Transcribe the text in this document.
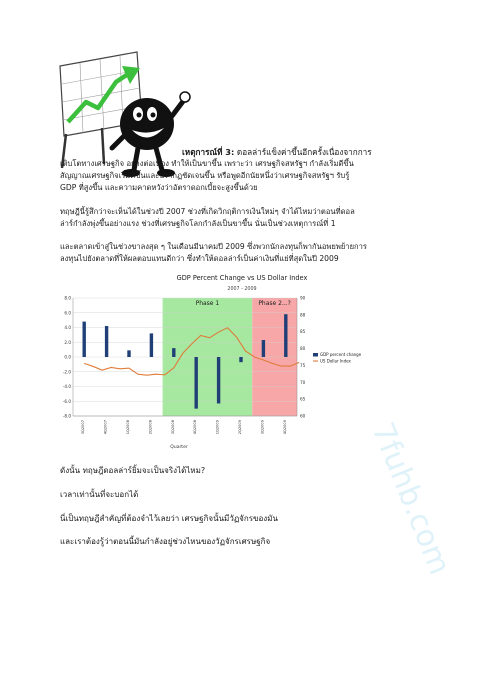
เหตุการณ์ที่ 3: ดอลล่าร์แข็งค่าขึ้นอีกครั้งเนื่องจากการ
เติบโตทางเศรษฐกิจ อย่างต่อเนื่อง ทำให้เป็นขาขึ้น เพราะว่า เศรษฐกิจสหรัฐฯ กำลังเริ่มดีขึ้น
สัญญาณเศรษฐกิจเริ่มดีขึ้นและปรากฏชัดเจนขึ้น หรือพูดอีกนัยหนึ่งว่าเศรษฐกิจสหรัฐฯ รับรู้
GDP ที่สูงขึ้น และความคาดหวังว่าอัตราดอกเบี้ยจะสูงขึ้นด้วย
ทฤษฎีนี้รู้สึกว่าจะเห็นได้ในช่วงปี 2007 ช่วงที่เกิดวิกฤติการเงินใหม่ๆ จำได้ไหมว่าตอนที่ดอล
ล่าร์กำลังพุ่งขึ้นอย่างแรง ช่วงที่เศรษฐกิจโลกกำลังเป็นขาขึ้น นั่นเป็นช่วงเหตุการณ์ที่ 1
และตลาดเข้าสู่ในช่วงขาลงสุด ๆ ในเดือนมีนาคมปี 2009 ซึ่งพวกนักลงทุนก็พากันอพยพย้ายการ
ลงทุนไปยังตลาดที่ให้ผลตอบแทนดีกว่า ซึ่งทำให้ดอลล่าร์เป็นค่าเงินที่แย่ที่สุดในปี 2009
GDP Percent Change vs US Dollar Index
2007 - 2009
Quarter
Phase 1	Phase 2...?
8.0
6.0
4.0
2.0
0.0
-2.0
-4.0
-6.0
-8.0
90
88
85
80
75
70
65
60
3Q2007	4Q2007	1Q2008	2Q2008	3Q2008	4Q2008	1Q2009	2Q2009	3Q2009	4Q2009
GDP percent change
US Dollar Index
7fuhb.com
ดังนั้น ทฤษฎีดอลล่าร์ยิ้มจะเป็นจริงได้ไหม?
เวลาเท่านั้นที่จะบอกได้
นี่เป็นทฤษฎีสำคัญที่ต้องจำไว้เลยว่า เศรษฐกิจนั้นมีวัฏจักรของมัน
และเราต้องรู้ว่าตอนนี้มันกำลังอยู่ช่วงไหนของวัฏจักรเศรษฐกิจ
